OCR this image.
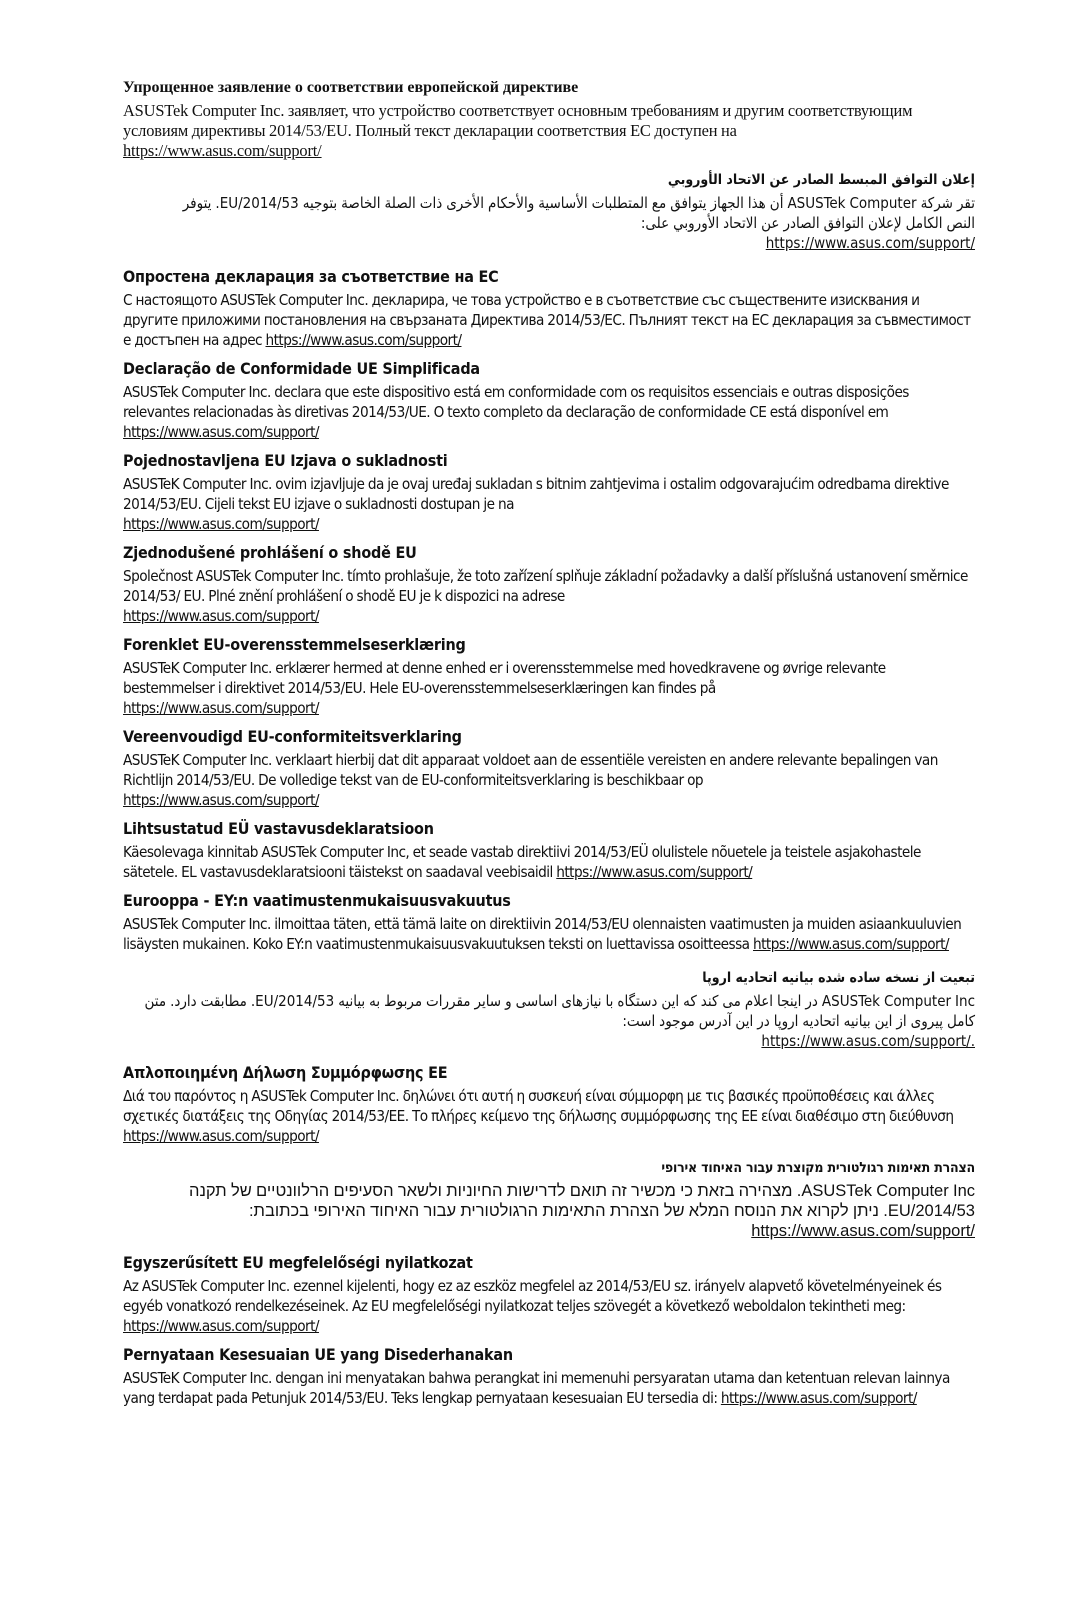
Упрощенное заявление о соответствии европейской директиве

ASUSTek Computer Inc. заявляет, что устройство соответствует основным требованиям и другим соответствующим условиям директивы 2014/53/EU. Полный текст декларации соответствия ЕС доступен на
https://www.asus.com/support/

إعلان التوافق المبسط الصادر عن الاتحاد الأوروبي

تقر شركة ASUSTek Computer أن هذا الجهاز يتوافق مع المتطلبات الأساسية والأحكام الأخرى ذات الصلة الخاصة بتوجيه 2014/53/EU. يتوفر النص الكامل لإعلان التوافق الصادر عن الاتحاد الأوروبي على:
https://www.asus.com/support/

Опростена декларация за съответствие на ЕС

С настоящото ASUSTek Computer Inc. декларира, че това устройство е в съответствие със съществените изисквания и другите приложими постановления на свързаната Директива 2014/53/EC. Пълният текст на ЕС декларация за съвместимост е достъпен на адрес https://www.asus.com/support/

Declaração de Conformidade UE Simplificada

ASUSTek Computer Inc. declara que este dispositivo está em conformidade com os requisitos essenciais e outras disposições relevantes relacionadas às diretivas 2014/53/UE. O texto completo da declaração de conformidade CE está disponível em https://www.asus.com/support/

Pojednostavljena EU Izjava o sukladnosti

ASUSTeK Computer Inc. ovim izjavljuje da je ovaj uređaj sukladan s bitnim zahtjevima i ostalim odgovarajućim odredbama direktive 2014/53/EU. Cijeli tekst EU izjave o sukladnosti dostupan je na
https://www.asus.com/support/

Zjednodušené prohlášení o shodě EU

Společnost ASUSTek Computer Inc. tímto prohlašuje, že toto zařízení splňuje základní požadavky a další příslušná ustanovení směrnice 2014/53/ EU. Plné znění prohlášení o shodě EU je k dispozici na adrese
https://www.asus.com/support/

Forenklet EU-overensstemmelseserklæring

ASUSTeK Computer Inc. erklærer hermed at denne enhed er i overensstemmelse med hovedkravene og øvrige relevante bestemmelser i direktivet 2014/53/EU. Hele EU-overensstemmelseserklæringen kan findes på
https://www.asus.com/support/

Vereenvoudigd EU-conformiteitsverklaring

ASUSTeK Computer Inc. verklaart hierbij dat dit apparaat voldoet aan de essentiële vereisten en andere relevante bepalingen van Richtlijn 2014/53/EU. De volledige tekst van de EU-conformiteitsverklaring is beschikbaar op
https://www.asus.com/support/

Lihtsustatud EÜ vastavusdeklaratsioon

Käesolevaga kinnitab ASUSTek Computer Inc, et seade vastab direktiivi 2014/53/EÜ olulistele nõuetele ja teistele asjakohastele sätetele. EL vastavusdeklaratsiooni täistekst on saadaval veebisaidil https://www.asus.com/support/

Eurooppa - EY:n vaatimustenmukaisuusvakuutus

ASUSTek Computer Inc. ilmoittaa täten, että tämä laite on direktiivin 2014/53/EU olennaisten vaatimusten ja muiden asiaankuuluvien lisäysten mukainen. Koko EY:n vaatimustenmukaisuusvakuutuksen teksti on luettavissa osoitteessa https://www.asus.com/support/

تبعیت از نسخه ساده شده بیانیه اتحادیه اروپا

ASUSTek Computer Inc در اینجا اعلام می کند که این دستگاه با نیازهای اساسی و سایر مقررات مربوط به بیانیه 2014/53/EU. مطابقت دارد. متن کامل پیروی از این بیانیه اتحادیه اروپا در این آدرس موجود است:
https://www.asus.com/support/.

Απλοποιημένη Δήλωση Συμμόρφωσης ΕΕ

Διά του παρόντος η ASUSTek Computer Inc. δηλώνει ότι αυτή η συσκευή είναι σύμμορφη με τις βασικές προϋποθέσεις και άλλες σχετικές διατάξεις της Οδηγίας 2014/53/ΕΕ. Το πλήρες κείμενο της δήλωσης συμμόρφωσης της ΕΕ είναι διαθέσιμο στη διεύθυνση https://www.asus.com/support/

הצהרת תאימות רגולטורית מקוצרת עבור האיחוד אירופי

ASUSTek Computer Inc. מצהירה בזאת כי מכשיר זה תואם לדרישות החיוניות ולשאר הסעיפים הרלוונטיים של תקנה 2014/53/EU. ניתן לקרוא את הנוסח המלא של הצהרת התאימות הרגולטורית עבור האיחוד האירופי בכתובת:
https://www.asus.com/support/

Egyszerűsített EU megfelelőségi nyilatkozat

Az ASUSTek Computer Inc. ezennel kijelenti, hogy ez az eszköz megfelel az 2014/53/EU sz. irányelv alapvető követelményeinek és egyéb vonatkozó rendelkezéseinek. Az EU megfelelőségi nyilatkozat teljes szövegét a következő weboldalon tekintheti meg: https://www.asus.com/support/

Pernyataan Kesesuaian UE yang Disederhanakan

ASUSTeK Computer Inc. dengan ini menyatakan bahwa perangkat ini memenuhi persyaratan utama dan ketentuan relevan lainnya yang terdapat pada Petunjuk 2014/53/EU. Teks lengkap pernyataan kesesuaian EU tersedia di: https://www.asus.com/support/
